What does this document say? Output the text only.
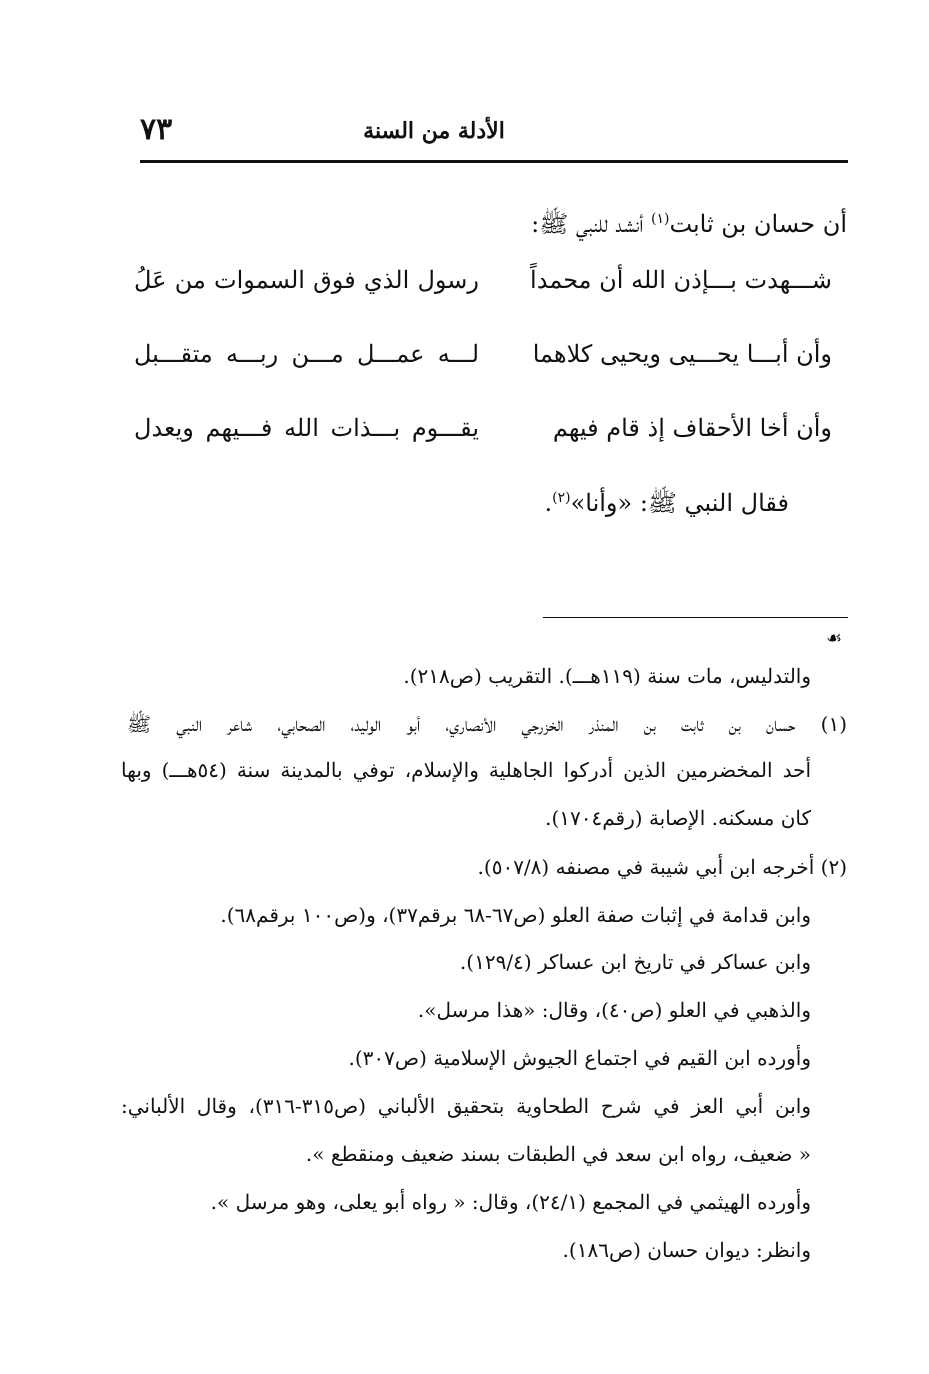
٧٣	الأدلة من السنة
أن حسان بن ثابت$^{(١)}$ أنشد للنبي ﷺ:
شـــهدت بـــإذن الله أن محمداً
رسول الذي فوق السموات من عَلُ
وأن أبـــا يحـــيى ويحيى كلاهما
لـــه عمـــل مـــن ربـــه متقـــبل
وأن أخا الأحقاف إذ قام فيهم
يقـــوم بـــذات الله فـــيهم ويعدل
فقال النبي ﷺ: «وأنا»$^{(٢)}$.
☙
والتدليس، مات سنة (١١٩هـــ). التقريب (ص٢١٨).
(١) حسان بن ثابت بن المنذر الخزرجي الأنصاري، أبو الوليد، الصحابي، شاعر النبي ﷺ
أحد المخضرمين الذين أدركوا الجاهلية والإسلام، توفي بالمدينة سنة (٥٤هـــ) وبها
كان مسكنه. الإصابة (رقم١٧٠٤).
(٢) أخرجه ابن أبي شيبة في مصنفه (٥٠٧/٨).
وابن قدامة في إثبات صفة العلو (ص٦٧-٦٨ برقم٣٧)، و(ص١٠٠ برقم٦٨).
وابن عساكر في تاريخ ابن عساكر (١٢٩/٤).
والذهبي في العلو (ص٤٠)، وقال: «هذا مرسل».
وأورده ابن القيم في اجتماع الجيوش الإسلامية (ص٣٠٧).
وابن أبي العز في شرح الطحاوية بتحقيق الألباني (ص٣١٥-٣١٦)، وقال الألباني:
« ضعيف، رواه ابن سعد في الطبقات بسند ضعيف ومنقطع ».
وأورده الهيثمي في المجمع (٢٤/١)، وقال: « رواه أبو يعلى، وهو مرسل ».
وانظر: ديوان حسان (ص١٨٦).
